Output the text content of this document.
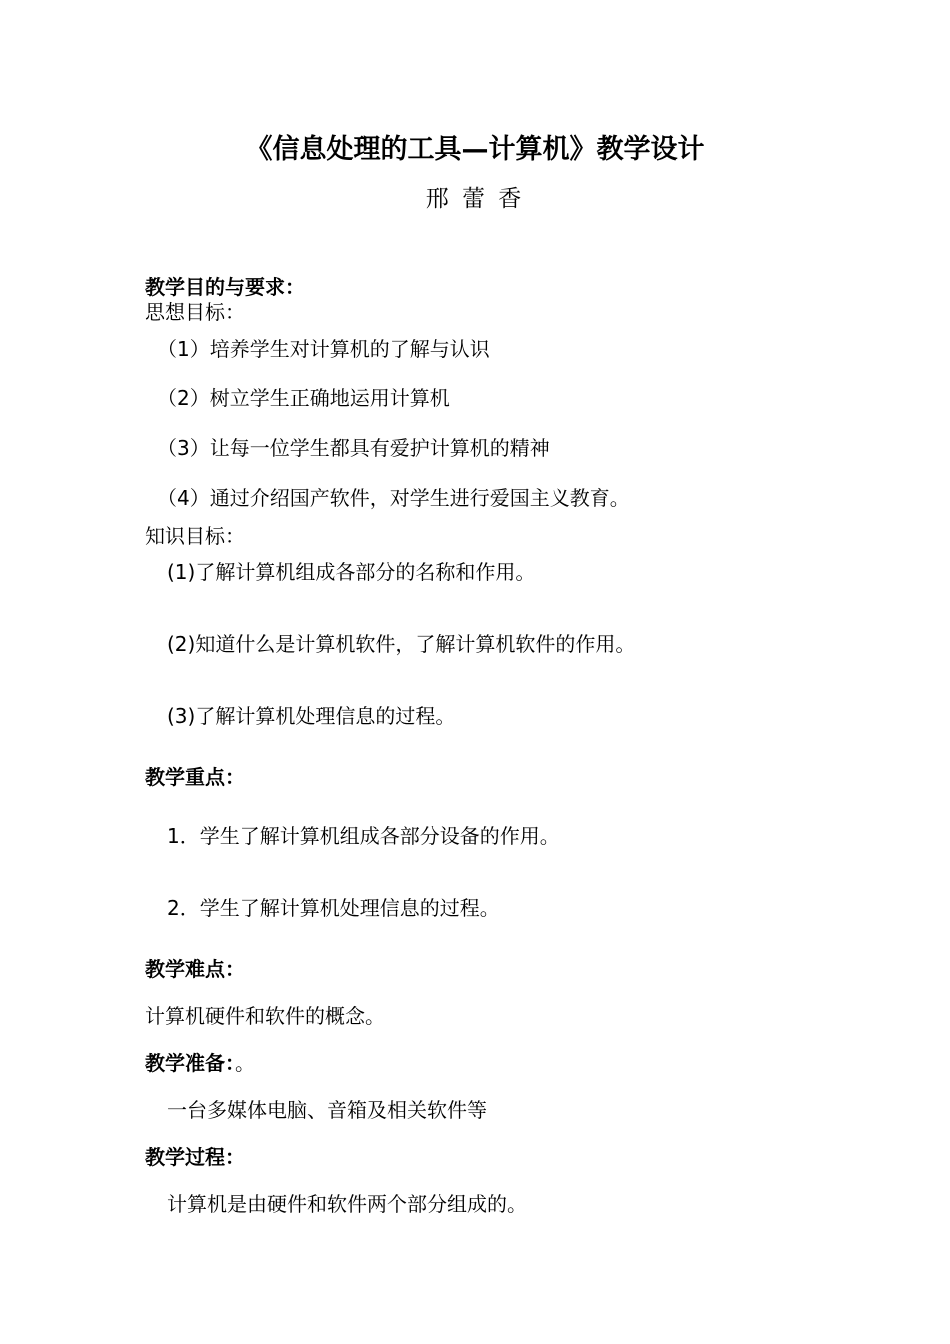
《信息处理的工具—计算机》教学设计
邢 蕾 香
教学目的与要求：
思想目标：
（1）培养学生对计算机的了解与认识
（2）树立学生正确地运用计算机
（3）让每一位学生都具有爱护计算机的精神
（4）通过介绍国产软件，对学生进行爱国主义教育。
知识目标：
(1)了解计算机组成各部分的名称和作用。
(2)知道什么是计算机软件，了解计算机软件的作用。
(3)了解计算机处理信息的过程。
教学重点：
1．学生了解计算机组成各部分设备的作用。
2．学生了解计算机处理信息的过程。
教学难点：
计算机硬件和软件的概念。
教学准备：。
一台多媒体电脑、音箱及相关软件等
教学过程：
计算机是由硬件和软件两个部分组成的。
